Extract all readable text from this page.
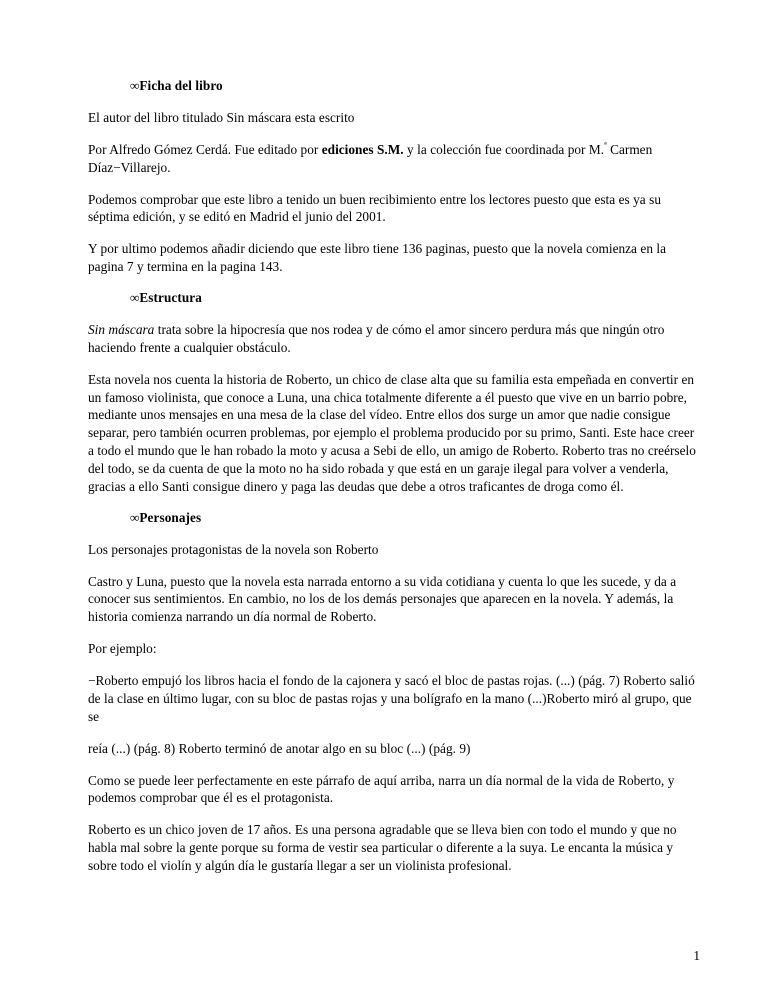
∞Ficha del libro

El autor del libro titulado Sin máscara esta escrito

Por Alfredo Gómez Cerdá. Fue editado por ediciones S.M. y la colección fue coordinada por M.$^ª$ Carmen Díaz−Villarejo.

Podemos comprobar que este libro a tenido un buen recibimiento entre los lectores puesto que esta es ya su séptima edición, y se editó en Madrid el junio del 2001.

Y por ultimo podemos añadir diciendo que este libro tiene 136 paginas, puesto que la novela comienza en la pagina 7 y termina en la pagina 143.

∞Estructura

Sin máscara trata sobre la hipocresía que nos rodea y de cómo el amor sincero perdura más que ningún otro haciendo frente a cualquier obstáculo.

Esta novela nos cuenta la historia de Roberto, un chico de clase alta que su familia esta empeñada en convertir en un famoso violinista, que conoce a Luna, una chica totalmente diferente a él puesto que vive en un barrio pobre, mediante unos mensajes en una mesa de la clase del vídeo. Entre ellos dos surge un amor que nadie consigue separar, pero también ocurren problemas, por ejemplo el problema producido por su primo, Santi. Este hace creer a todo el mundo que le han robado la moto y acusa a Sebi de ello, un amigo de Roberto. Roberto tras no creérselo del todo, se da cuenta de que la moto no ha sido robada y que está en un garaje ilegal para volver a venderla, gracias a ello Santi consigue dinero y paga las deudas que debe a otros traficantes de droga como él.

∞Personajes

Los personajes protagonistas de la novela son Roberto

Castro y Luna, puesto que la novela esta narrada entorno a su vida cotidiana y cuenta lo que les sucede, y da a conocer sus sentimientos. En cambio, no los de los demás personajes que aparecen en la novela. Y además, la historia comienza narrando un día normal de Roberto.

Por ejemplo:

−Roberto empujó los libros hacia el fondo de la cajonera y sacó el bloc de pastas rojas. (...) (pág. 7) Roberto salió de la clase en último lugar, con su bloc de pastas rojas y una bolígrafo en la mano (...)Roberto miró al grupo, que se

reía (...) (pág. 8) Roberto terminó de anotar algo en su bloc (...) (pág. 9)

Como se puede leer perfectamente en este párrafo de aquí arriba, narra un día normal de la vida de Roberto, y podemos comprobar que él es el protagonista.

Roberto es un chico joven de 17 años. Es una persona agradable que se lleva bien con todo el mundo y que no habla mal sobre la gente porque su forma de vestir sea particular o diferente a la suya. Le encanta la música y sobre todo el violín y algún día le gustaría llegar a ser un violinista profesional.

1
